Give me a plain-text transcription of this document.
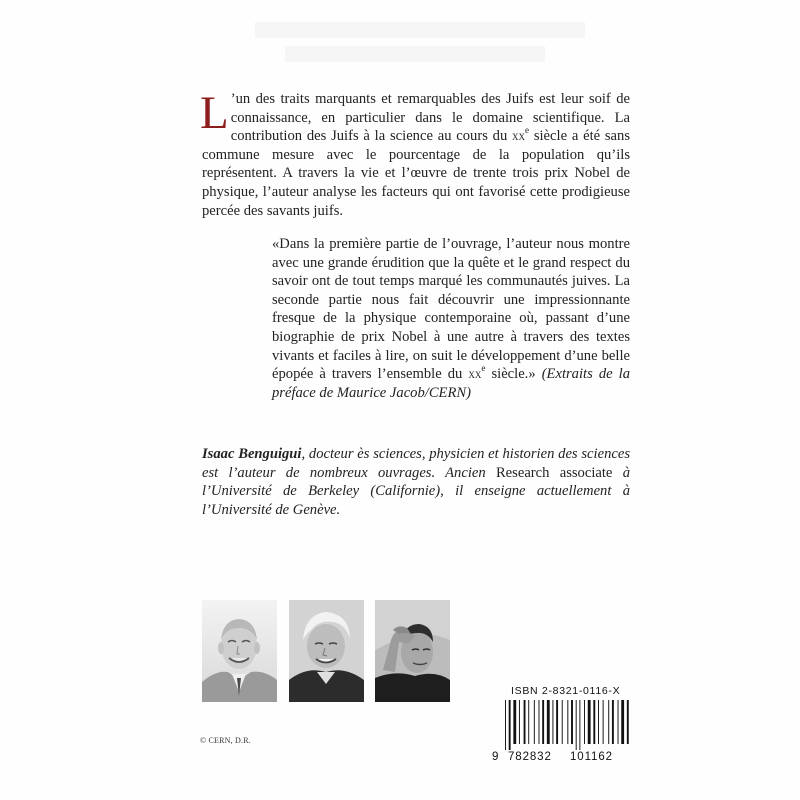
L ’un des traits marquants et remarquables des Juifs est leur soif de connaissance, en particulier dans le domaine scientifique. La contribution des Juifs à la science au cours du $xx^e$ siècle a été sans commune mesure avec le pourcentage de la population qu’ils représentent. A travers la vie et l’œuvre de trente trois prix Nobel de physique, l’auteur analyse les facteurs qui ont favorisé cette prodigieuse percée des savants juifs.

«Dans la première partie de l’ouvrage, l’auteur nous montre avec une grande érudition que la quête et le grand respect du savoir ont de tout temps marqué les communautés juives. La seconde partie nous fait découvrir une impressionnante fresque de la physique contemporaine où, passant d’une biographie de prix Nobel à une autre à travers des textes vivants et faciles à lire, on suit le développement d’une belle épopée à travers l’ensemble du $xx^e$ siècle.» (Extraits de la préface de Maurice Jacob/CERN)

Isaac Benguigui, docteur ès sciences, physicien et historien des sciences est l’auteur de nombreux ouvrages. Ancien Research associate à l’Université de Berkeley (Californie), il enseigne actuellement à l’Université de Genève.
© CERN, D.R.
ISBN 2-8321-0116-X
9 782832 101162
